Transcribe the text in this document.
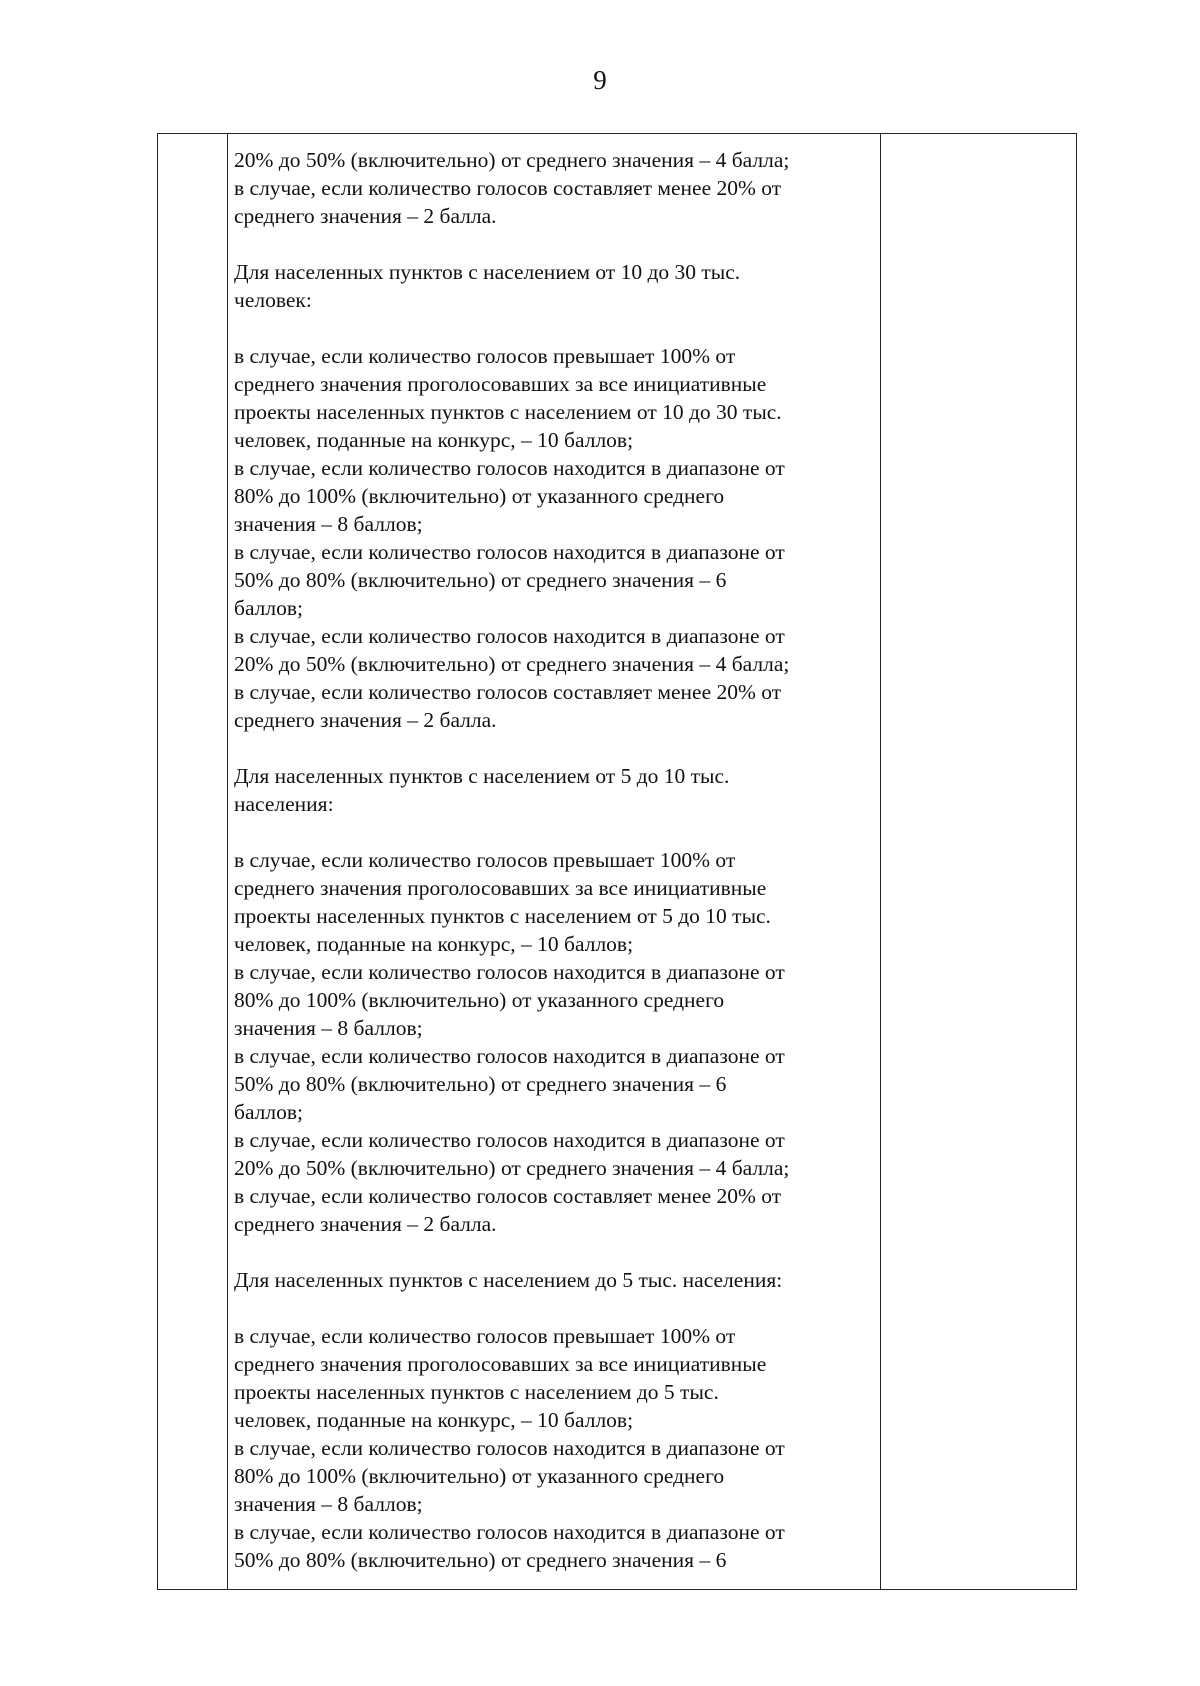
9
20% до 50% (включительно) от среднего значения – 4 балла;
в случае, если количество голосов составляет менее 20% от
среднего значения – 2 балла.
Для населенных пунктов с населением от 10 до 30 тыс.
человек:
в случае, если количество голосов превышает 100% от
среднего значения проголосовавших за все инициативные
проекты населенных пунктов с населением от 10 до 30 тыс.
человек, поданные на конкурс, – 10 баллов;
в случае, если количество голосов находится в диапазоне от
80% до 100% (включительно) от указанного среднего
значения – 8 баллов;
в случае, если количество голосов находится в диапазоне от
50% до 80% (включительно) от среднего значения – 6
баллов;
в случае, если количество голосов находится в диапазоне от
20% до 50% (включительно) от среднего значения – 4 балла;
в случае, если количество голосов составляет менее 20% от
среднего значения – 2 балла.
Для населенных пунктов с населением от 5 до 10 тыс.
населения:
в случае, если количество голосов превышает 100% от
среднего значения проголосовавших за все инициативные
проекты населенных пунктов с населением от 5 до 10 тыс.
человек, поданные на конкурс, – 10 баллов;
в случае, если количество голосов находится в диапазоне от
80% до 100% (включительно) от указанного среднего
значения – 8 баллов;
в случае, если количество голосов находится в диапазоне от
50% до 80% (включительно) от среднего значения – 6
баллов;
в случае, если количество голосов находится в диапазоне от
20% до 50% (включительно) от среднего значения – 4 балла;
в случае, если количество голосов составляет менее 20% от
среднего значения – 2 балла.
Для населенных пунктов с населением до 5 тыс. населения:
в случае, если количество голосов превышает 100% от
среднего значения проголосовавших за все инициативные
проекты населенных пунктов с населением до 5 тыс.
человек, поданные на конкурс, – 10 баллов;
в случае, если количество голосов находится в диапазоне от
80% до 100% (включительно) от указанного среднего
значения – 8 баллов;
в случае, если количество голосов находится в диапазоне от
50% до 80% (включительно) от среднего значения – 6
